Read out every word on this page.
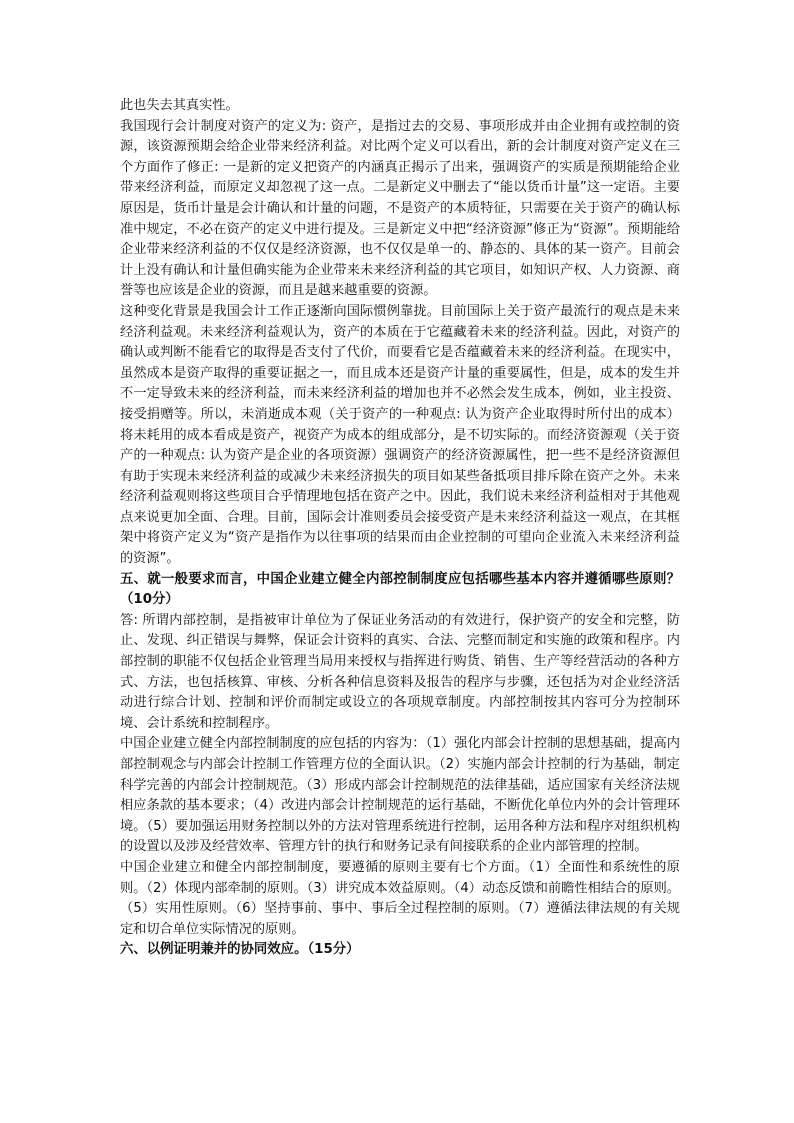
此也失去其真实性。

我国现行会计制度对资产的定义为: 资产，是指过去的交易、事项形成并由企业拥有或控制的资源，该资源预期会给企业带来经济利益。对比两个定义可以看出，新的会计制度对资产定义在三个方面作了修正: 一是新的定义把资产的内涵真正揭示了出来，强调资产的实质是预期能给企业带来经济利益，而原定义却忽视了这一点。二是新定义中删去了“能以货币计量”这一定语。主要原因是，货币计量是会计确认和计量的问题，不是资产的本质特征，只需要在关于资产的确认标准中规定，不必在资产的定义中进行提及。三是新定义中把“经济资源”修正为“资源”。预期能给企业带来经济利益的不仅仅是经济资源，也不仅仅是单一的、静态的、具体的某一资产。目前会计上没有确认和计量但确实能为企业带来未来经济利益的其它项目，如知识产权、人力资源、商誉等也应该是企业的资源，而且是越来越重要的资源。

这种变化背景是我国会计工作正逐渐向国际惯例靠拢。目前国际上关于资产最流行的观点是未来经济利益观。未来经济利益观认为，资产的本质在于它蕴藏着未来的经济利益。因此，对资产的确认或判断不能看它的取得是否支付了代价，而要看它是否蕴藏着未来的经济利益。在现实中，虽然成本是资产取得的重要证据之一，而且成本还是资产计量的重要属性，但是，成本的发生并不一定导致未来的经济利益，而未来经济利益的增加也并不必然会发生成本，例如，业主投资、接受捐赠等。所以，未消逝成本观（关于资产的一种观点: 认为资产企业取得时所付出的成本）将未耗用的成本看成是资产，视资产为成本的组成部分，是不切实际的。而经济资源观（关于资产的一种观点: 认为资产是企业的各项资源）强调资产的经济资源属性，把一些不是经济资源但有助于实现未来经济利益的或减少未来经济损失的项目如某些备抵项目排斥除在资产之外。未来经济利益观则将这些项目合乎情理地包括在资产之中。因此，我们说未来经济利益相对于其他观点来说更加全面、合理。目前，国际会计准则委员会接受资产是未来经济利益这一观点，在其框架中将资产定义为“资产是指作为以往事项的结果而由企业控制的可望向企业流入未来经济利益的资源”。

五、就一般要求而言，中国企业建立健全内部控制制度应包括哪些基本内容并遵循哪些原则？（10分）

答: 所谓内部控制，是指被审计单位为了保证业务活动的有效进行，保护资产的安全和完整，防止、发现、纠正错误与舞弊，保证会计资料的真实、合法、完整而制定和实施的政策和程序。内部控制的职能不仅包括企业管理当局用来授权与指挥进行购货、销售、生产等经营活动的各种方式、方法，也包括核算、审核、分析各种信息资料及报告的程序与步骤，还包括为对企业经济活动进行综合计划、控制和评价而制定或设立的各项规章制度。内部控制按其内容可分为控制环境、会计系统和控制程序。

中国企业建立健全内部控制制度的应包括的内容为：（1）强化内部会计控制的思想基础，提高内部控制观念与内部会计控制工作管理方位的全面认识。（2）实施内部会计控制的行为基础，制定科学完善的内部会计控制规范。（3）形成内部会计控制规范的法律基础，适应国家有关经济法规相应条款的基本要求；（4）改进内部会计控制规范的运行基础，不断优化单位内外的会计管理环境。（5）要加强运用财务控制以外的方法对管理系统进行控制，运用各种方法和程序对组织机构的设置以及涉及经营效率、管理方针的执行和财务记录有间接联系的企业内部管理的控制。

中国企业建立和健全内部控制制度，要遵循的原则主要有七个方面。（1）全面性和系统性的原则。（2）体现内部牵制的原则。（3）讲究成本效益原则。（4）动态反馈和前瞻性相结合的原则。（5）实用性原则。（6）坚持事前、事中、事后全过程控制的原则。（7）遵循法律法规的有关规定和切合单位实际情况的原则。

六、以例证明兼并的协同效应。（15分）
